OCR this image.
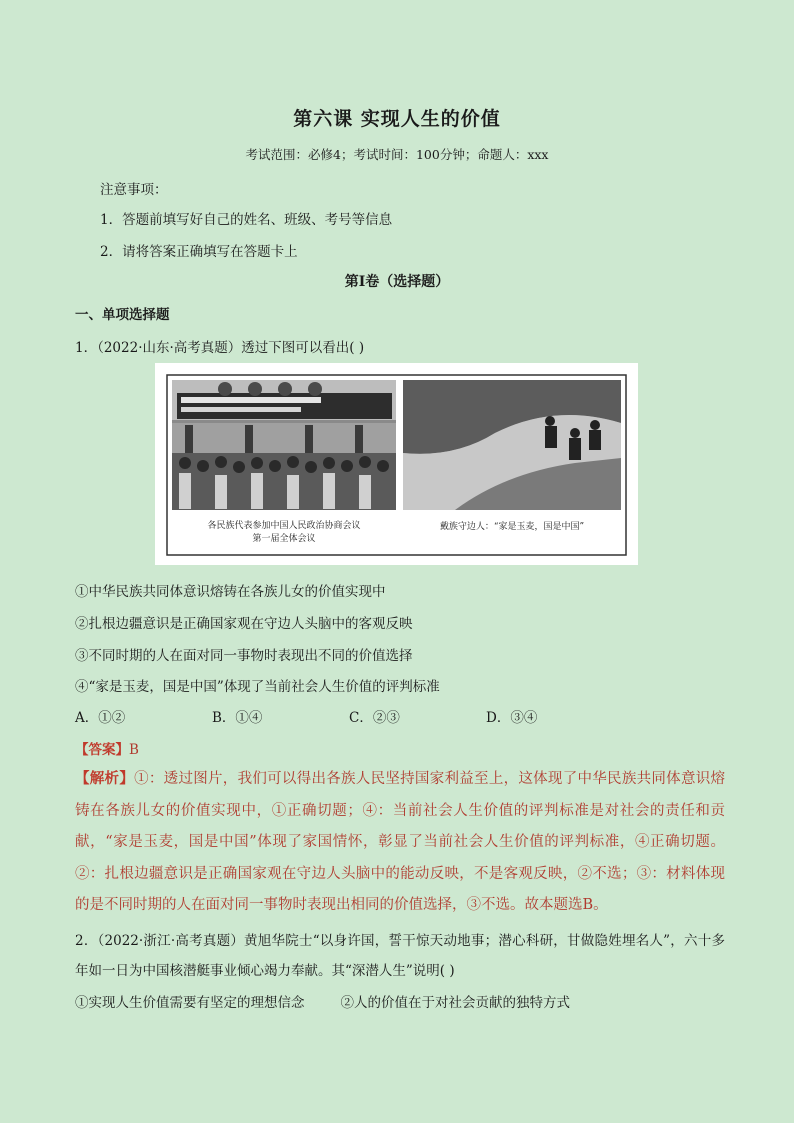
第六课 实现人生的价值
考试范围：必修4；考试时间：100分钟；命题人：xxx
注意事项：
1．答题前填写好自己的姓名、班级、考号等信息
2．请将答案正确填写在答题卡上
第I卷（选择题）
一、单项选择题
1．（2022·山东·高考真题）透过下图可以看出( )
各民族代表参加中国人民政治协商会议
第一届全体会议
戴族守边人：“家是玉麦，国是中国”
①中华民族共同体意识熔铸在各族儿女的价值实现中
②扎根边疆意识是正确国家观在守边人头脑中的客观反映
③不同时期的人在面对同一事物时表现出不同的价值选择
④“家是玉麦，国是中国”体现了当前社会人生价值的评判标准
A．①②	B．①④	C．②③	D．③④
【答案】B
【解析】①：透过图片，我们可以得出各族人民坚持国家利益至上，这体现了中华民族共同体意识熔铸在各族儿女的价值实现中，①正确切题；④：当前社会人生价值的评判标准是对社会的责任和贡献，“家是玉麦，国是中国”体现了家国情怀，彰显了当前社会人生价值的评判标准，④正确切题。②：扎根边疆意识是正确国家观在守边人头脑中的能动反映，不是客观反映，②不选；③：材料体现的是不同时期的人在面对同一事物时表现出相同的价值选择，③不选。故本题选B。
2．（2022·浙江·高考真题）黄旭华院士“以身许国，誓干惊天动地事；潜心科研，甘做隐姓埋名人”，六十多年如一日为中国核潜艇事业倾心竭力奉献。其“深潜人生”说明( )
①实现人生价值需要有坚定的理想信念	②人的价值在于对社会贡献的独特方式
